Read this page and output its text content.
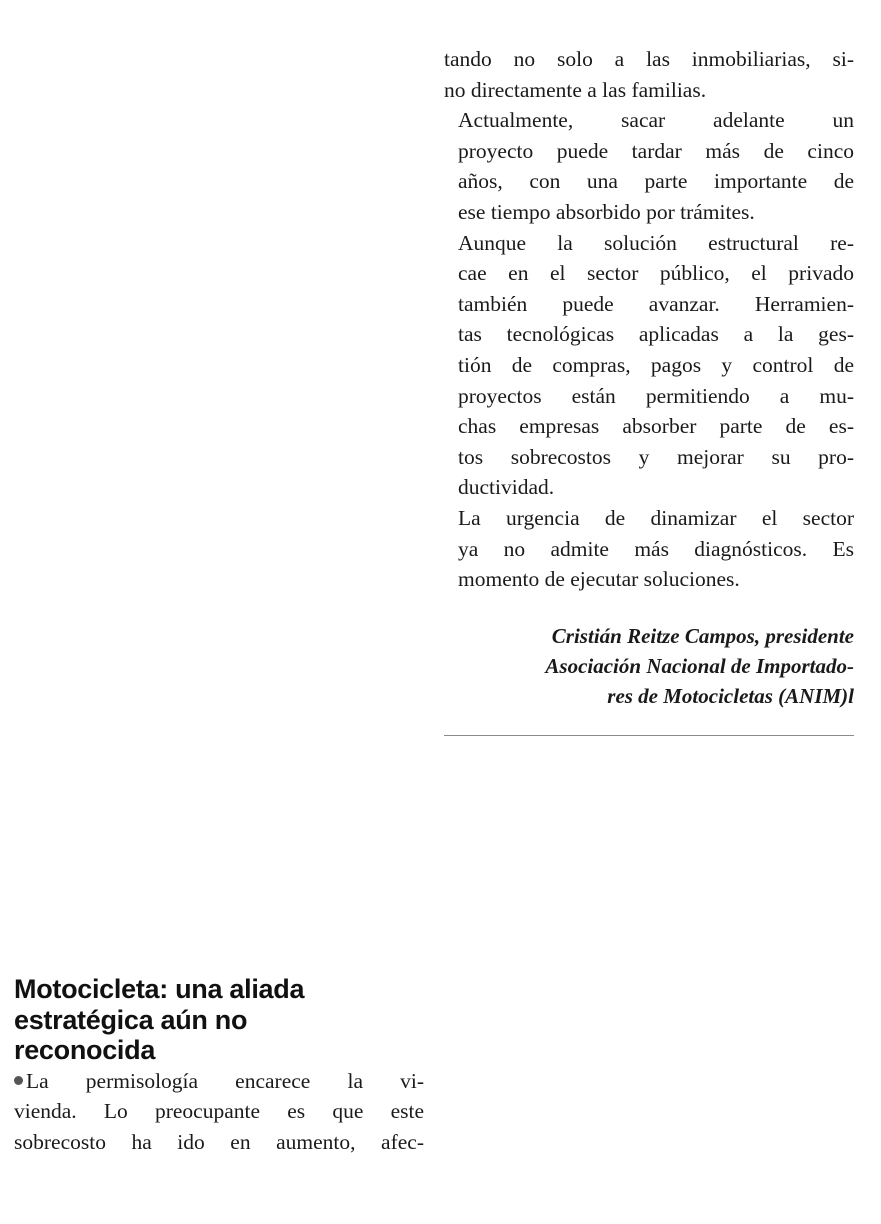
tando no solo a las inmobiliarias, si-
no directamente a las familias.

Actualmente, sacar adelante un
proyecto puede tardar más de cinco
años, con una parte importante de
ese tiempo absorbido por trámites.

Aunque la solución estructural re-
cae en el sector público, el privado
también puede avanzar. Herramien-
tas tecnológicas aplicadas a la ges-
tión de compras, pagos y control de
proyectos están permitiendo a mu-
chas empresas absorber parte de es-
tos sobrecostos y mejorar su pro-
ductividad.

La urgencia de dinamizar el sector
ya no admite más diagnósticos. Es
momento de ejecutar soluciones.

Cristián Reitze Campos, presidente
Asociación Nacional de Importado-
res de Motocicletas (ANIM)l
Motocicleta: una aliada
estratégica aún no
reconocida

La permisología encarece la vi-
vienda. Lo preocupante es que este
sobrecosto ha ido en aumento, afec-
